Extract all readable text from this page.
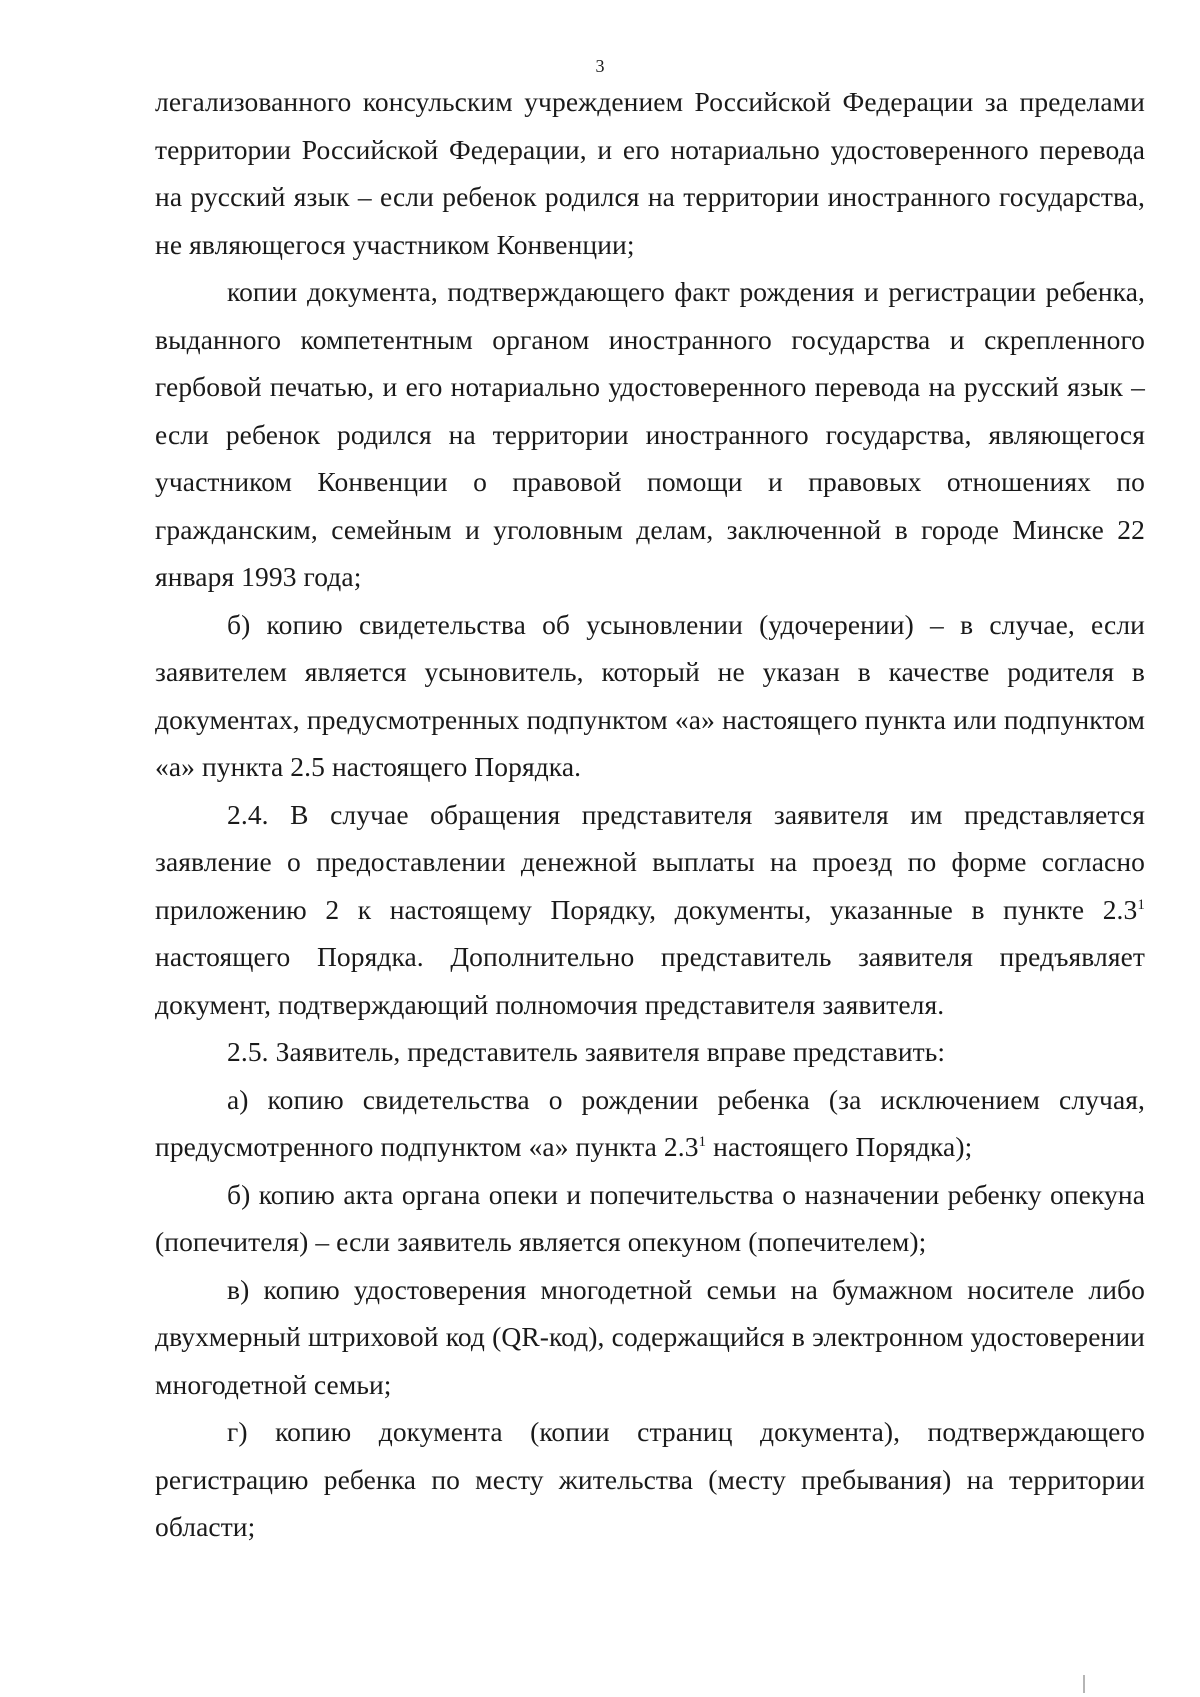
3

легализованного консульским учреждением Российской Федерации за пределами территории Российской Федерации, и его нотариально удостоверенного перевода на русский язык – если ребенок родился на территории иностранного государства, не являющегося участником Конвенции;

копии документа, подтверждающего факт рождения и регистрации ребенка, выданного компетентным органом иностранного государства и скрепленного гербовой печатью, и его нотариально удостоверенного перевода на русский язык – если ребенок родился на территории иностранного государства, являющегося участником Конвенции о правовой помощи и правовых отношениях по гражданским, семейным и уголовным делам, заключенной в городе Минске 22 января 1993 года;

б) копию свидетельства об усыновлении (удочерении) – в случае, если заявителем является усыновитель, который не указан в качестве родителя в документах, предусмотренных подпунктом «а» настоящего пункта или подпунктом «а» пункта 2.5 настоящего Порядка.

2.4. В случае обращения представителя заявителя им представляется заявление о предоставлении денежной выплаты на проезд по форме согласно приложению 2 к настоящему Порядку, документы, указанные в пункте $2.3^1$ настоящего Порядка. Дополнительно представитель заявителя предъявляет документ, подтверждающий полномочия представителя заявителя.

2.5. Заявитель, представитель заявителя вправе представить:

а) копию свидетельства о рождении ребенка (за исключением случая, предусмотренного подпунктом «а» пункта $2.3^1$ настоящего Порядка);

б) копию акта органа опеки и попечительства о назначении ребенку опекуна (попечителя) – если заявитель является опекуном (попечителем);

в) копию удостоверения многодетной семьи на бумажном носителе либо двухмерный штриховой код (QR-код), содержащийся в электронном удостоверении многодетной семьи;

г) копию документа (копии страниц документа), подтверждающего регистрацию ребенка по месту жительства (месту пребывания) на территории области;
